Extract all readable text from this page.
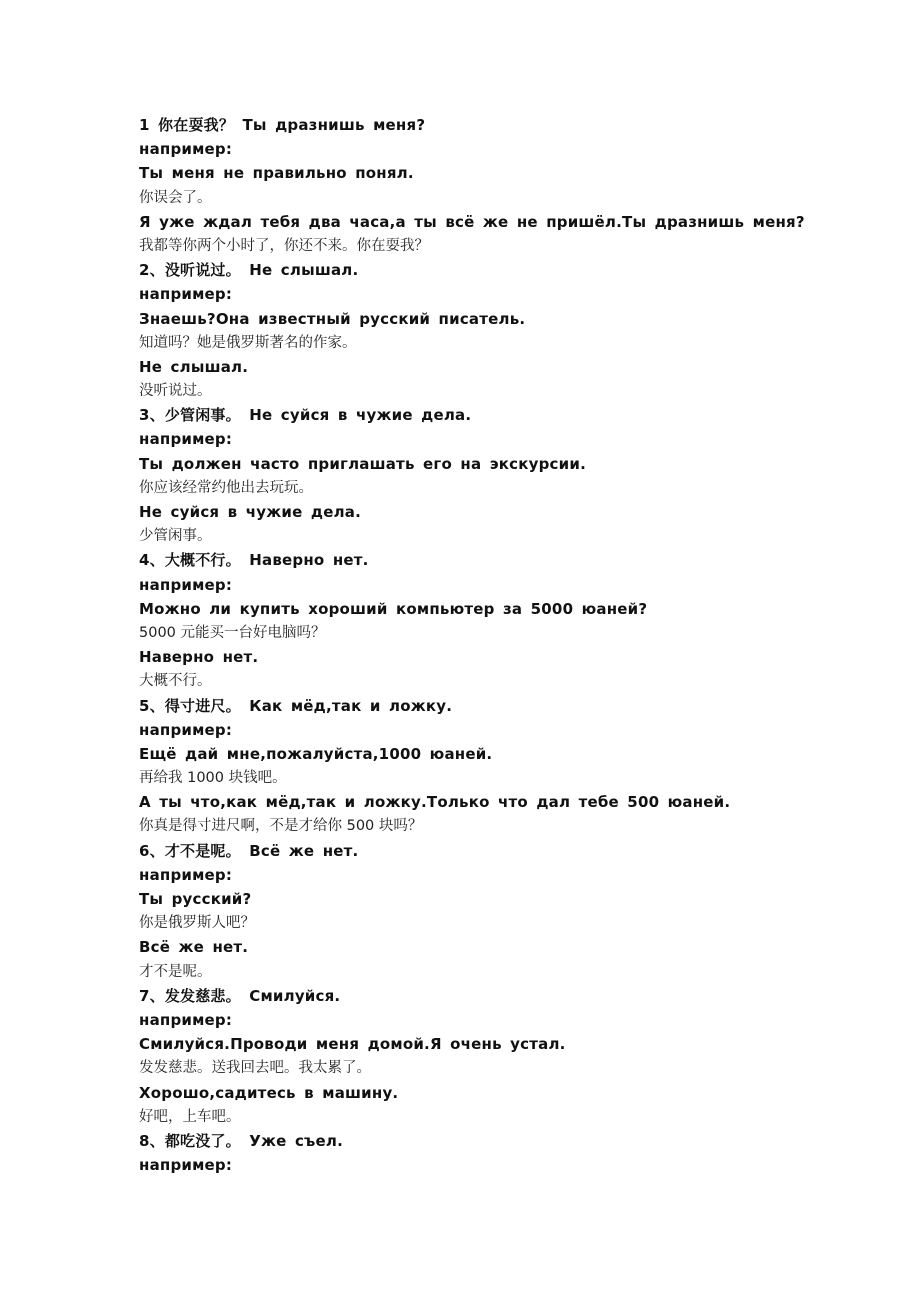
1 你在耍我？ Ты дразнишь меня?
например:
Ты меня не правильно понял.
你误会了。
Я уже ждал тебя два часа,а ты всё же не пришёл.Ты дразнишь меня?
我都等你两个小时了，你还不来。你在耍我？
2、没听说过。 Не слышал.
например:
Знаешь?Она известный русский писатель.
知道吗？她是俄罗斯著名的作家。
Не слышал.
没听说过。
3、少管闲事。 Не суйся в чужие дела.
например:
Ты должен часто приглашать его на экскурсии.
你应该经常约他出去玩玩。
Не суйся в чужие дела.
少管闲事。
4、大概不行。 Наверно нет.
например:
Можно ли купить хороший компьютер за 5000 юаней?
5000 元能买一台好电脑吗？
Наверно нет.
大概不行。
5、得寸进尺。 Как мёд,так и ложку.
например:
Ещё дай мне,пожалуйста,1000 юаней.
再给我 1000 块钱吧。
А ты что,как мёд,так и ложку.Только что дал тебе 500 юаней.
你真是得寸进尺啊，不是才给你 500 块吗？
6、才不是呢。 Всё же нет.
например:
Ты русский?
你是俄罗斯人吧？
Всё же нет.
才不是呢。
7、发发慈悲。 Смилуйся.
например:
Смилуйся.Проводи меня домой.Я очень устал.
发发慈悲。送我回去吧。我太累了。
Хорошо,садитесь в машину.
好吧，上车吧。
8、都吃没了。 Уже съел.
например:
